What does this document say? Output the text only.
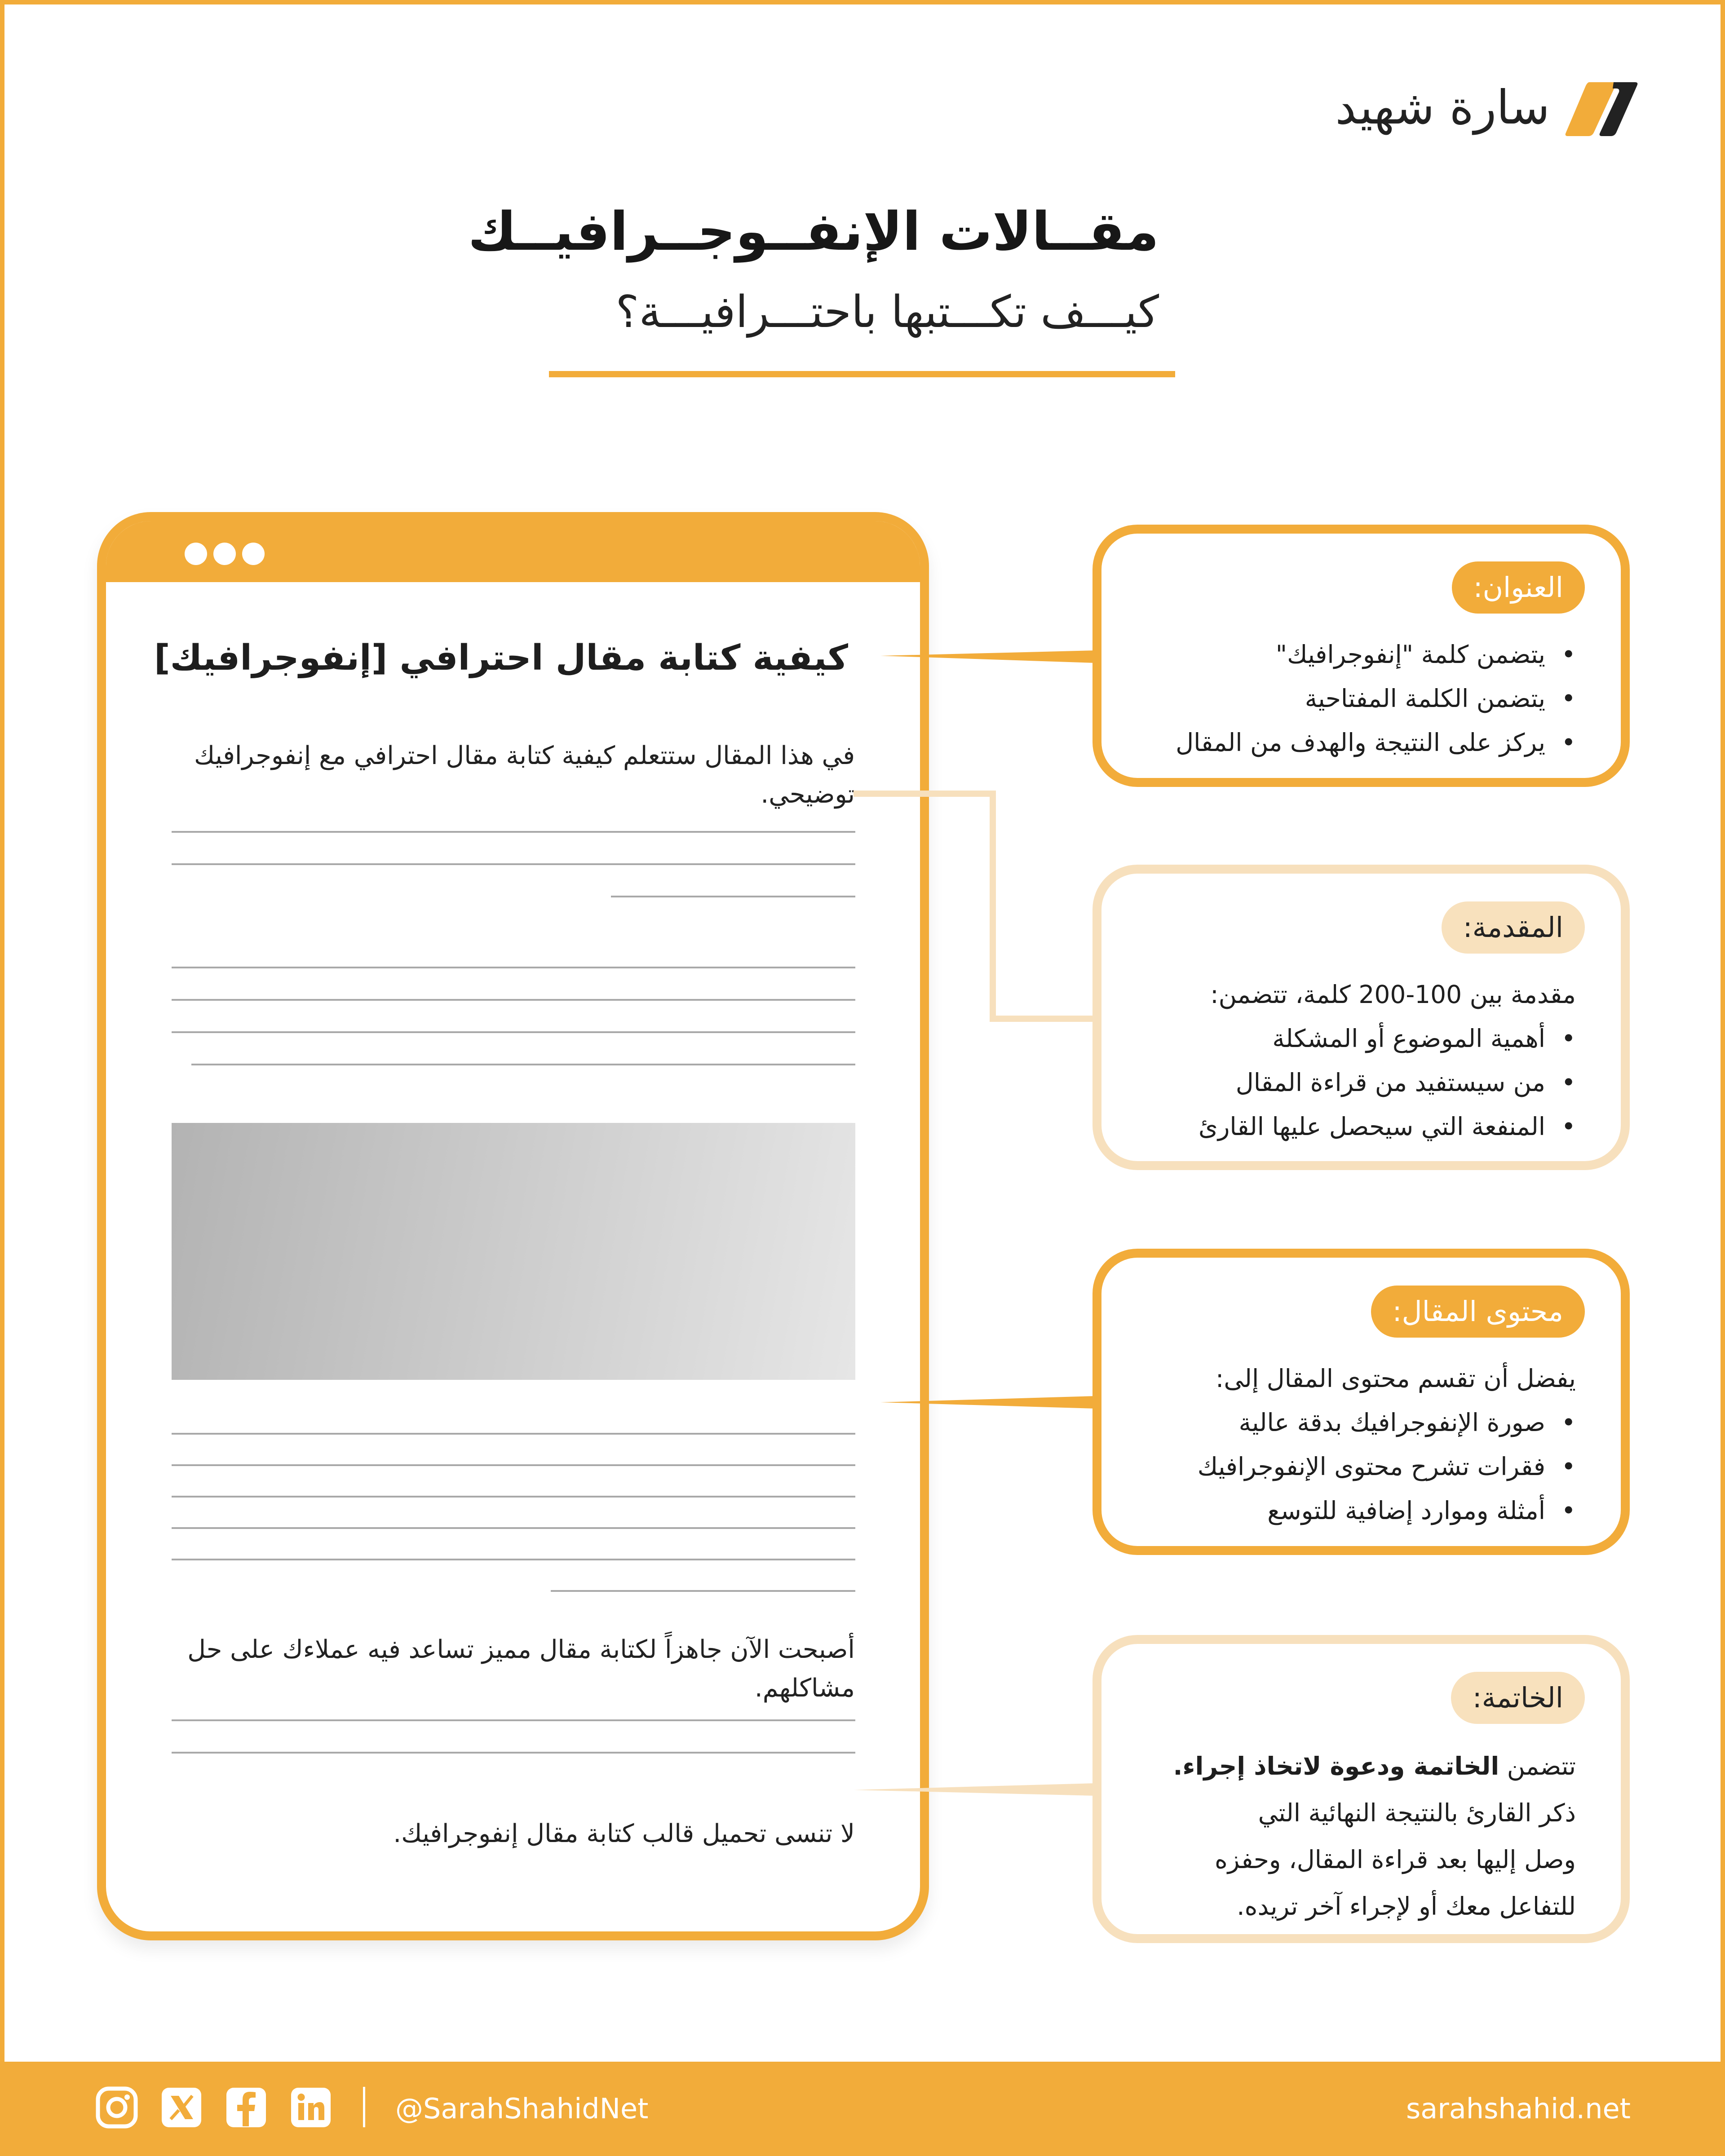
سارة شهيد
مقــالات الإنفــوجــرافيــك
كيـــف تكـــتبها باحتـــرافيـــة؟
كيفية كتابة مقال احترافي [إنفوجرافيك]
في هذا المقال ستتعلم كيفية كتابة مقال احترافي مع إنفوجرافيك توضيحي.
أصبحت الآن جاهزاً لكتابة مقال مميز تساعد فيه عملاءك على حل مشاكلهم.
لا تنسى تحميل قالب كتابة مقال إنفوجرافيك.
العنوان:
• يتضمن كلمة "إنفوجرافيك"
• يتضمن الكلمة المفتاحية
• يركز على النتيجة والهدف من المقال
المقدمة:
مقدمة بين 100-200 كلمة، تتضمن:
• أهمية الموضوع أو المشكلة
• من سيستفيد من قراءة المقال
• المنفعة التي سيحصل عليها القارئ
محتوى المقال:
يفضل أن تقسم محتوى المقال إلى:
• صورة الإنفوجرافيك بدقة عالية
• فقرات تشرح محتوى الإنفوجرافيك
• أمثلة وموارد إضافية للتوسع
الخاتمة:
تتضمن الخاتمة ودعوة لاتخاذ إجراء.
ذكر القارئ بالنتيجة النهائية التي
وصل إليها بعد قراءة المقال، وحفزه
للتفاعل معك أو لإجراء آخر تريده.
@SarahShahidNet	sarahshahid.net
